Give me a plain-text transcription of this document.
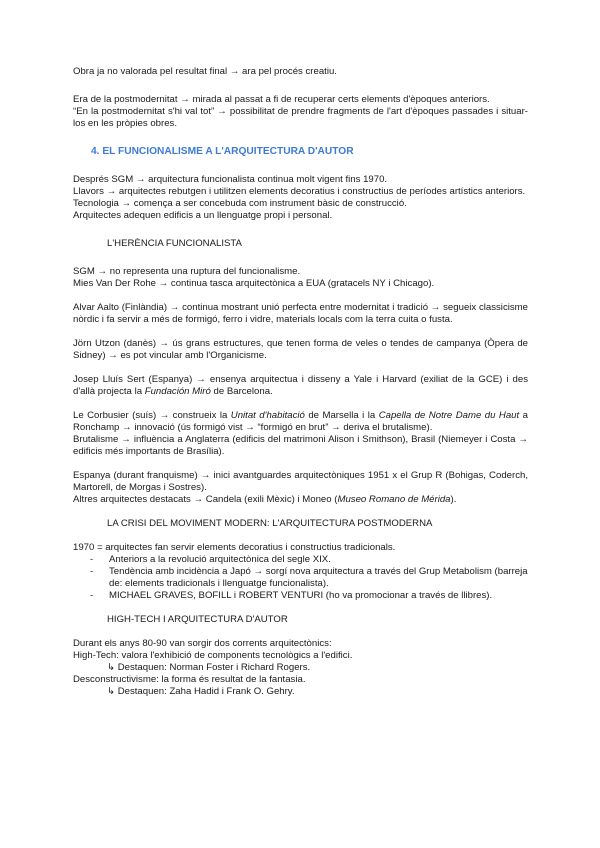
Obra ja no valorada pel resultat final → ara pel procés creatiu.

Era de la postmodernitat → mirada al passat a fi de recuperar certs elements d'èpoques anteriors.

“En la postmodernitat s'hi val tot” → possibilitat de prendre fragments de l'art d'èpoques passades i situar-los en les pròpies obres.

4. EL FUNCIONALISME A L'ARQUITECTURA D'AUTOR

Després SGM → arquitectura funcionalista continua molt vigent fins 1970.

Llavors → arquitectes rebutgen i utilitzen elements decoratius i constructius de períodes artístics anteriors.

Tecnologia → comença a ser concebuda com instrument bàsic de construcció.

Arquitectes adequen edificis a un llenguatge propi i personal.

L'HERÈNCIA FUNCIONALISTA

SGM → no representa una ruptura del funcionalisme.

Mies Van Der Rohe → continua tasca arquitectònica a EUA (gratacels NY i Chicago).

Alvar Aalto (Finlàndia) → continua mostrant unió perfecta entre modernitat i tradició → segueix classicisme nòrdic i fa servir a més de formigó, ferro i vidre, materials locals com la terra cuita o fusta.

Jörn Utzon (danès) → ús grans estructures, que tenen forma de veles o tendes de campanya (Òpera de Sidney) → es pot vincular amb l'Organicisme.

Josep Lluís Sert (Espanya) → ensenya arquitectua i disseny a Yale i Harvard (exiliat de la GCE) i des d'allà projecta la Fundación Miró de Barcelona.

Le Corbusier (suís) → construeix la Unitat d'habitació de Marsella i la Capella de Notre Dame du Haut a Ronchamp → innovació (ús formigó vist → “formigó en brut” → deriva el brutalisme).

Brutalisme → influència a Anglaterra (edificis del matrimoni Alison i Smithson), Brasil (Niemeyer i Costa → edificis més importants de Brasília).

Espanya (durant franquisme) → inici avantguardes arquitectòniques 1951 x el Grup R (Bohigas, Coderch, Martorell, de Morgas i Sostres).

Altres arquitectes destacats → Candela (exili Mèxic) i Moneo (Museo Romano de Mérida).

LA CRISI DEL MOVIMENT MODERN: L'ARQUITECTURA POSTMODERNA

1970 = arquitectes fan servir elements decoratius i constructius tradicionals.

- Anteriors a la revolució arquitectònica del segle XIX.
- Tendència amb incidència a Japó → sorgí nova arquitectura a través del Grup Metabolism (barreja de: elements tradicionals i llenguatge funcionalista).
- MICHAEL GRAVES, BOFILL i ROBERT VENTURI (ho va promocionar a través de llibres).

HIGH-TECH I ARQUITECTURA D'AUTOR

Durant els anys 80-90 van sorgir dos corrents arquitectònics:

High-Tech: valora l'exhibició de components tecnològics a l'edifici.

↳ Destaquen: Norman Foster i Richard Rogers.

Desconstructivisme: la forma és resultat de la fantasia.

↳ Destaquen: Zaha Hadid i Frank O. Gehry.
